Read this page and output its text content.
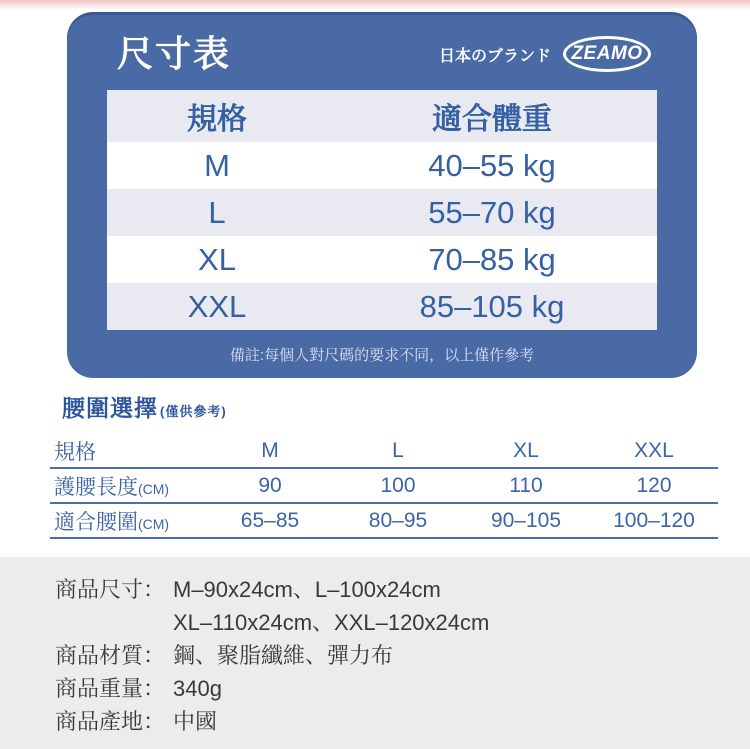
尺寸表	日本のブランド	ZEAMO
規格	適合體重
M	40–55 kg
L	55–70 kg
XL	70–85 kg
XXL	85–105 kg
備註:每個人對尺碼的要求不同，以上僅作參考
腰圍選擇 (僅供參考)
規格	M	L	XL	XXL
護腰長度(CM)	90	100	110	120
適合腰圍(CM)	65–85	80–95	90–105	100–120
商品尺寸： M–90x24cm、L–100x24cm
XL–110x24cm、XXL–120x24cm
商品材質： 鋼、聚脂纖維、彈力布
商品重量： 340g
商品產地： 中國
